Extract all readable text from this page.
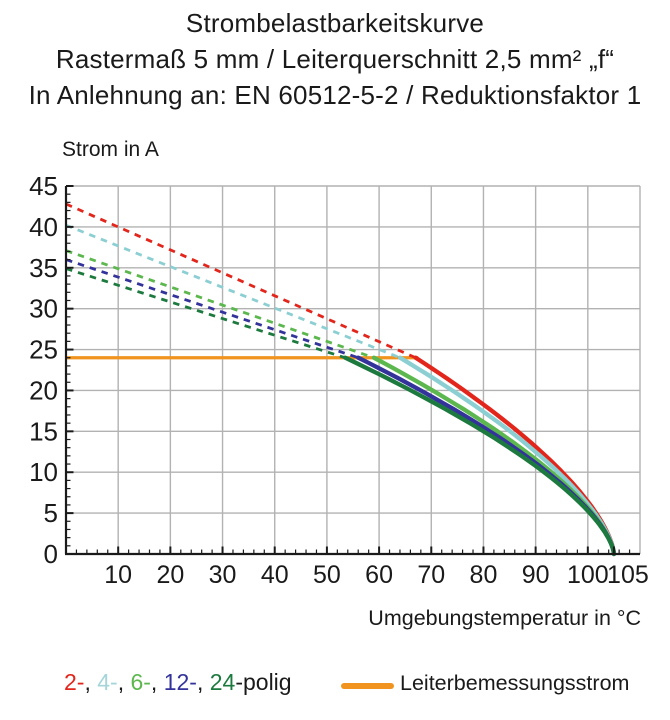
Strombelastbarkeitskurve
Rastermaß 5 mm / Leiterquerschnitt 2,5 mm² „f“
In Anlehnung an: EN 60512-5-2 / Reduktionsfaktor 1
Strom in A
10 20 30 40 50 60 70 80 90 100
105
0
5
10
15
20
25
30
35
40
45
Umgebungstemperatur in °C
2-, 4-, 6-, 12-, 24-polig	Leiterbemessungsstrom
